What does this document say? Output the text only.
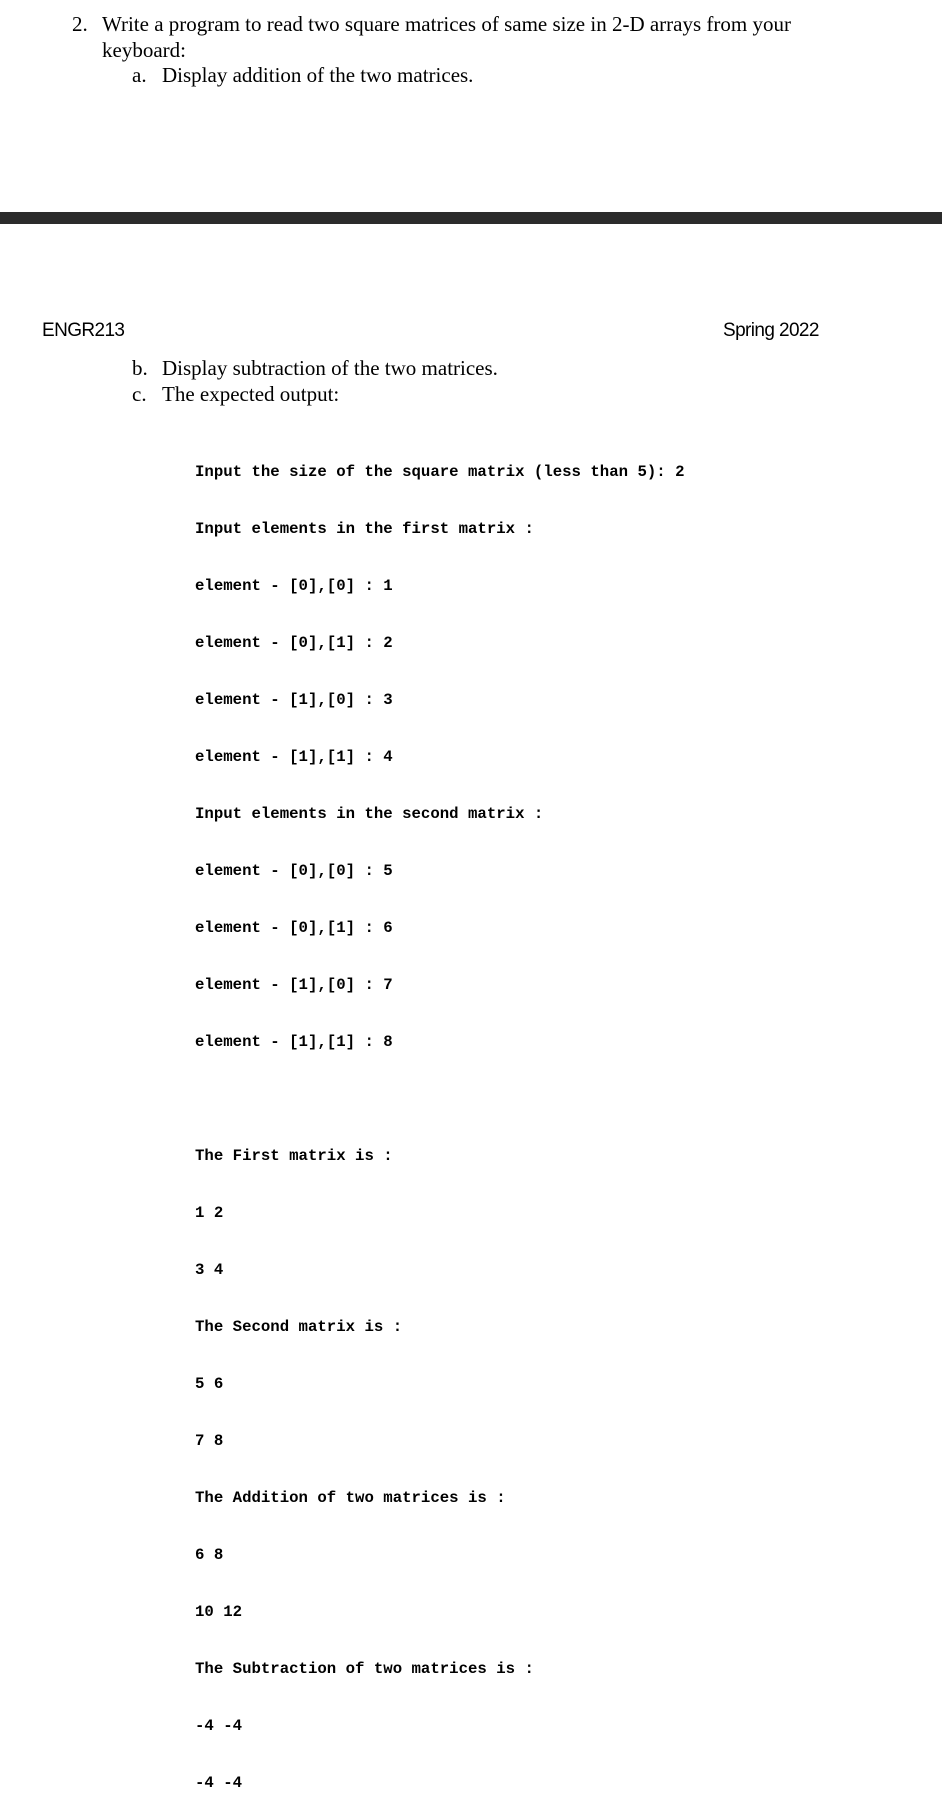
2. Write a program to read two square matrices of same size in 2-D arrays from your
keyboard:
a. Display addition of the two matrices.
ENGR213	Spring 2022
b. Display subtraction of the two matrices.
c. The expected output:

Input the size of the square matrix (less than 5): 2

Input elements in the first matrix :

element - [0],[0] : 1

element - [0],[1] : 2

element - [1],[0] : 3

element - [1],[1] : 4

Input elements in the second matrix :

element - [0],[0] : 5

element - [0],[1] : 6

element - [1],[0] : 7

element - [1],[1] : 8

The First matrix is :

1 2

3 4

The Second matrix is :

5 6

7 8

The Addition of two matrices is :

6 8

10 12

The Subtraction of two matrices is :

-4 -4

-4 -4
